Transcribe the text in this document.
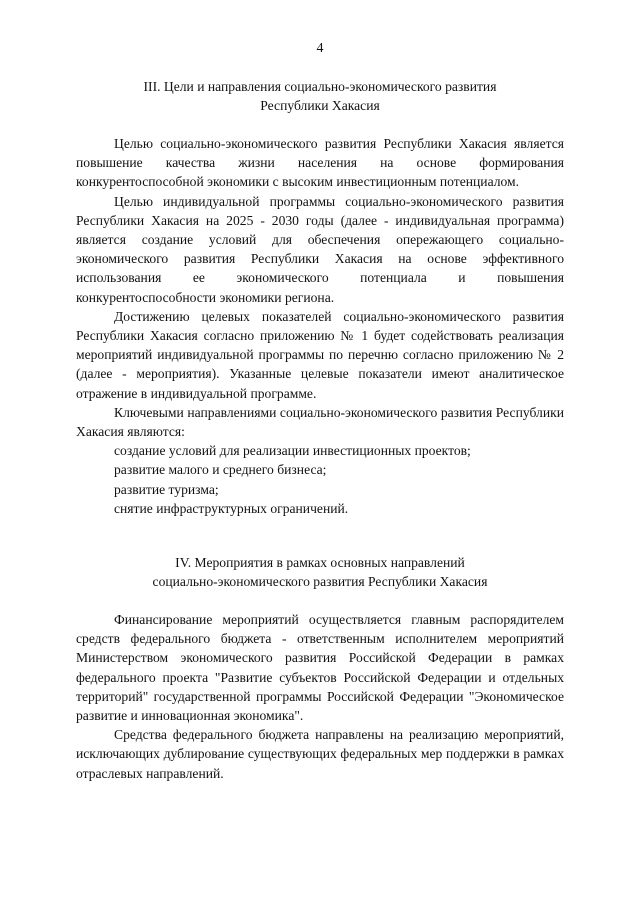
4
III. Цели и направления социально-экономического развития
Республики Хакасия

Целью социально-экономического развития Республики Хакасия является повышение качества жизни населения на основе формирования конкурентоспособной экономики с высоким инвестиционным потенциалом.

Целью индивидуальной программы социально-экономического развития Республики Хакасия на 2025 - 2030 годы (далее - индивидуальная программа) является создание условий для обеспечения опережающего социально-экономического развития Республики Хакасия на основе эффективного использования ее экономического потенциала и повышения конкурентоспособности экономики региона.

Достижению целевых показателей социально-экономического развития Республики Хакасия согласно приложению № 1 будет содействовать реализация мероприятий индивидуальной программы по перечню согласно приложению № 2 (далее - мероприятия). Указанные целевые показатели имеют аналитическое отражение в индивидуальной программе.

Ключевыми направлениями социально-экономического развития Республики Хакасия являются:

создание условий для реализации инвестиционных проектов;
развитие малого и среднего бизнеса;
развитие туризма;
снятие инфраструктурных ограничений.
IV. Мероприятия в рамках основных направлений
социально-экономического развития Республики Хакасия

Финансирование мероприятий осуществляется главным распорядителем средств федерального бюджета - ответственным исполнителем мероприятий Министерством экономического развития Российской Федерации в рамках федерального проекта "Развитие субъектов Российской Федерации и отдельных территорий" государственной программы Российской Федерации "Экономическое развитие и инновационная экономика".

Средства федерального бюджета направлены на реализацию мероприятий, исключающих дублирование существующих федеральных мер поддержки в рамках отраслевых направлений.
